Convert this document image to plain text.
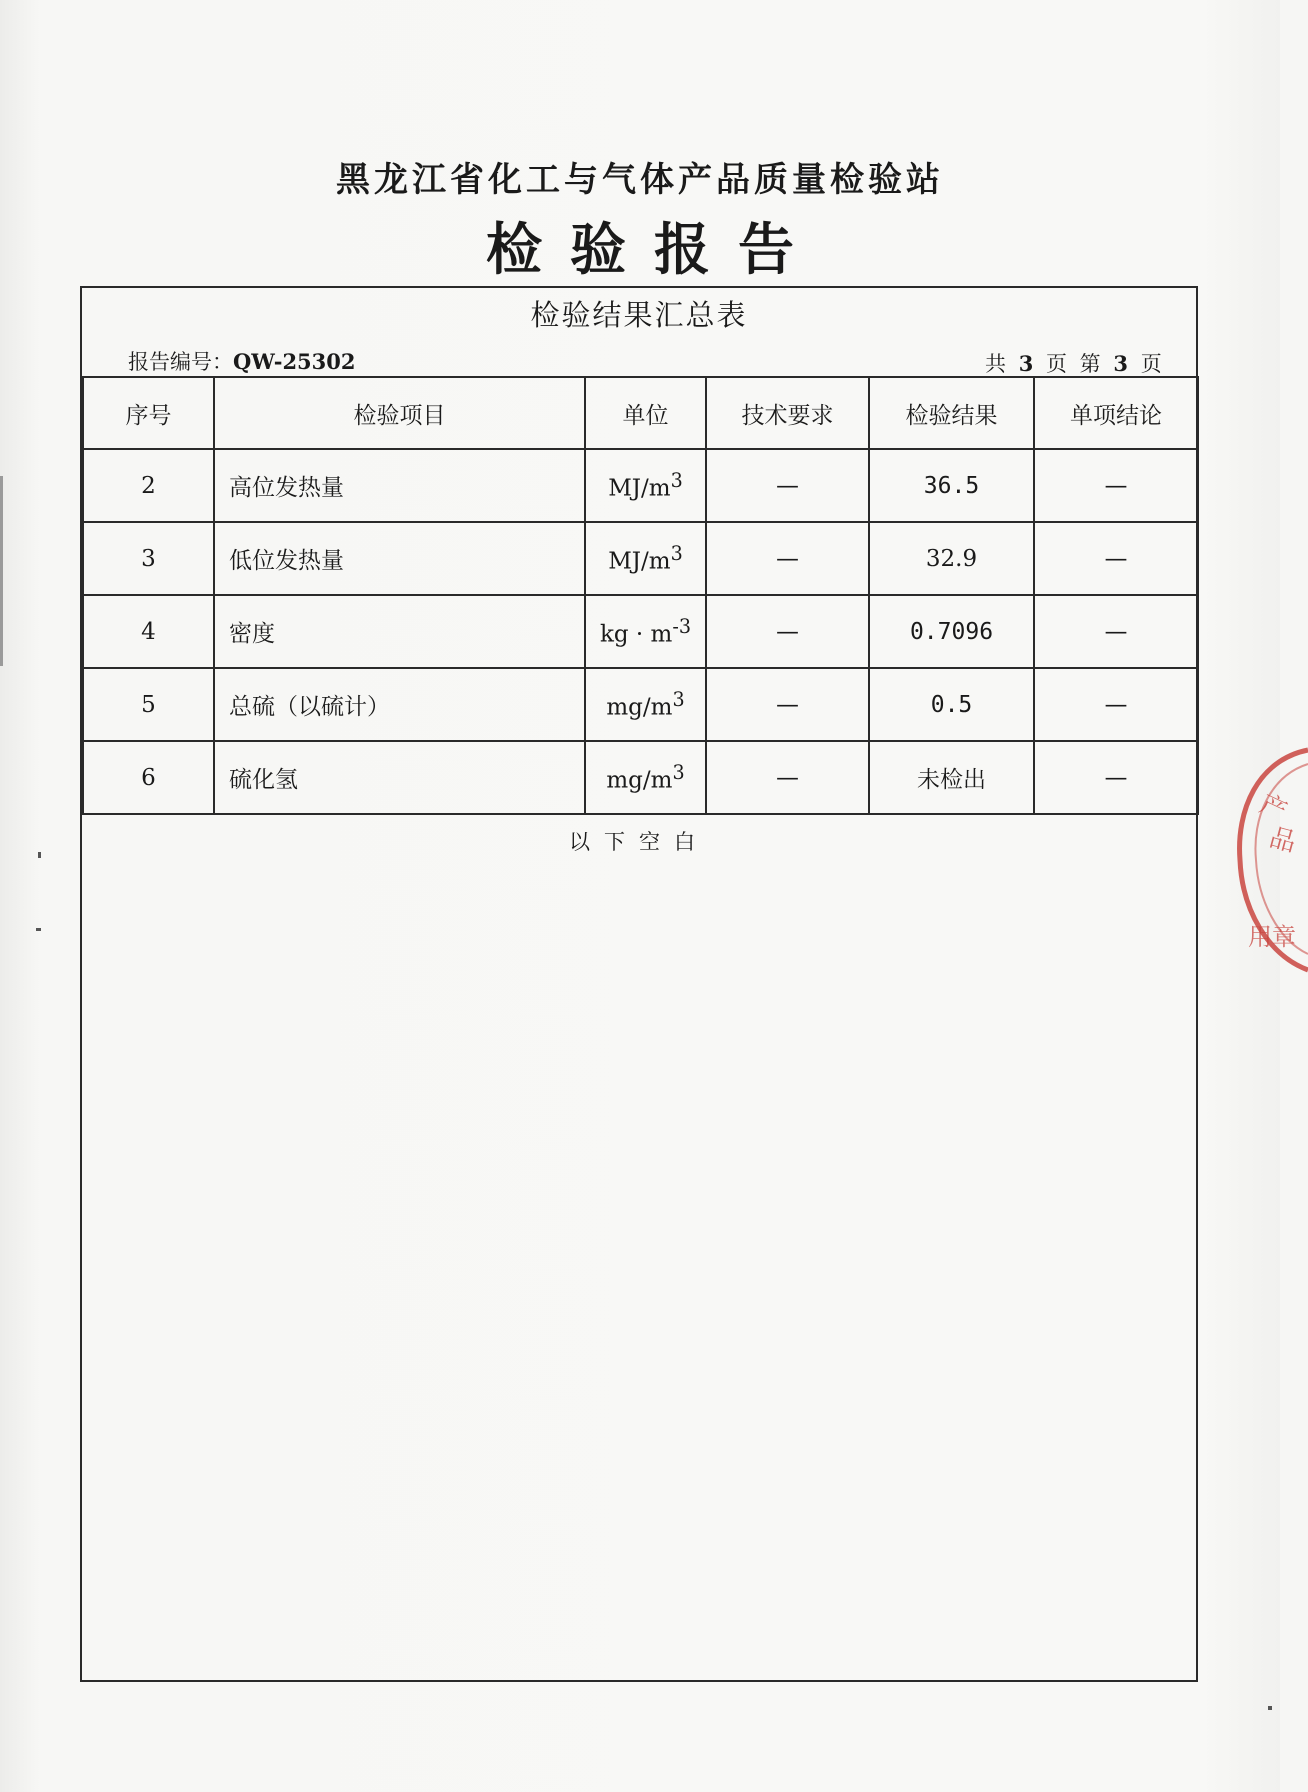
黑龙江省化工与气体产品质量检验站
检验报告
检验结果汇总表
报告编号：QW-25302	共 3 页 第 3 页
序号	检验项目	单位	技术要求	检验结果	单项结论
2	高位发热量	$MJ/m^3$	—	36.5	—
3	低位发热量	$MJ/m^3$	—	32.9	—
4	密度	kg · $m^{-3}$	—	0.7096	—
5	总硫（以硫计）	$mg/m^3$	—	0.5	—
6	硫化氢	$mg/m^3$	—	未检出	—
以下空白
产
品
用章
